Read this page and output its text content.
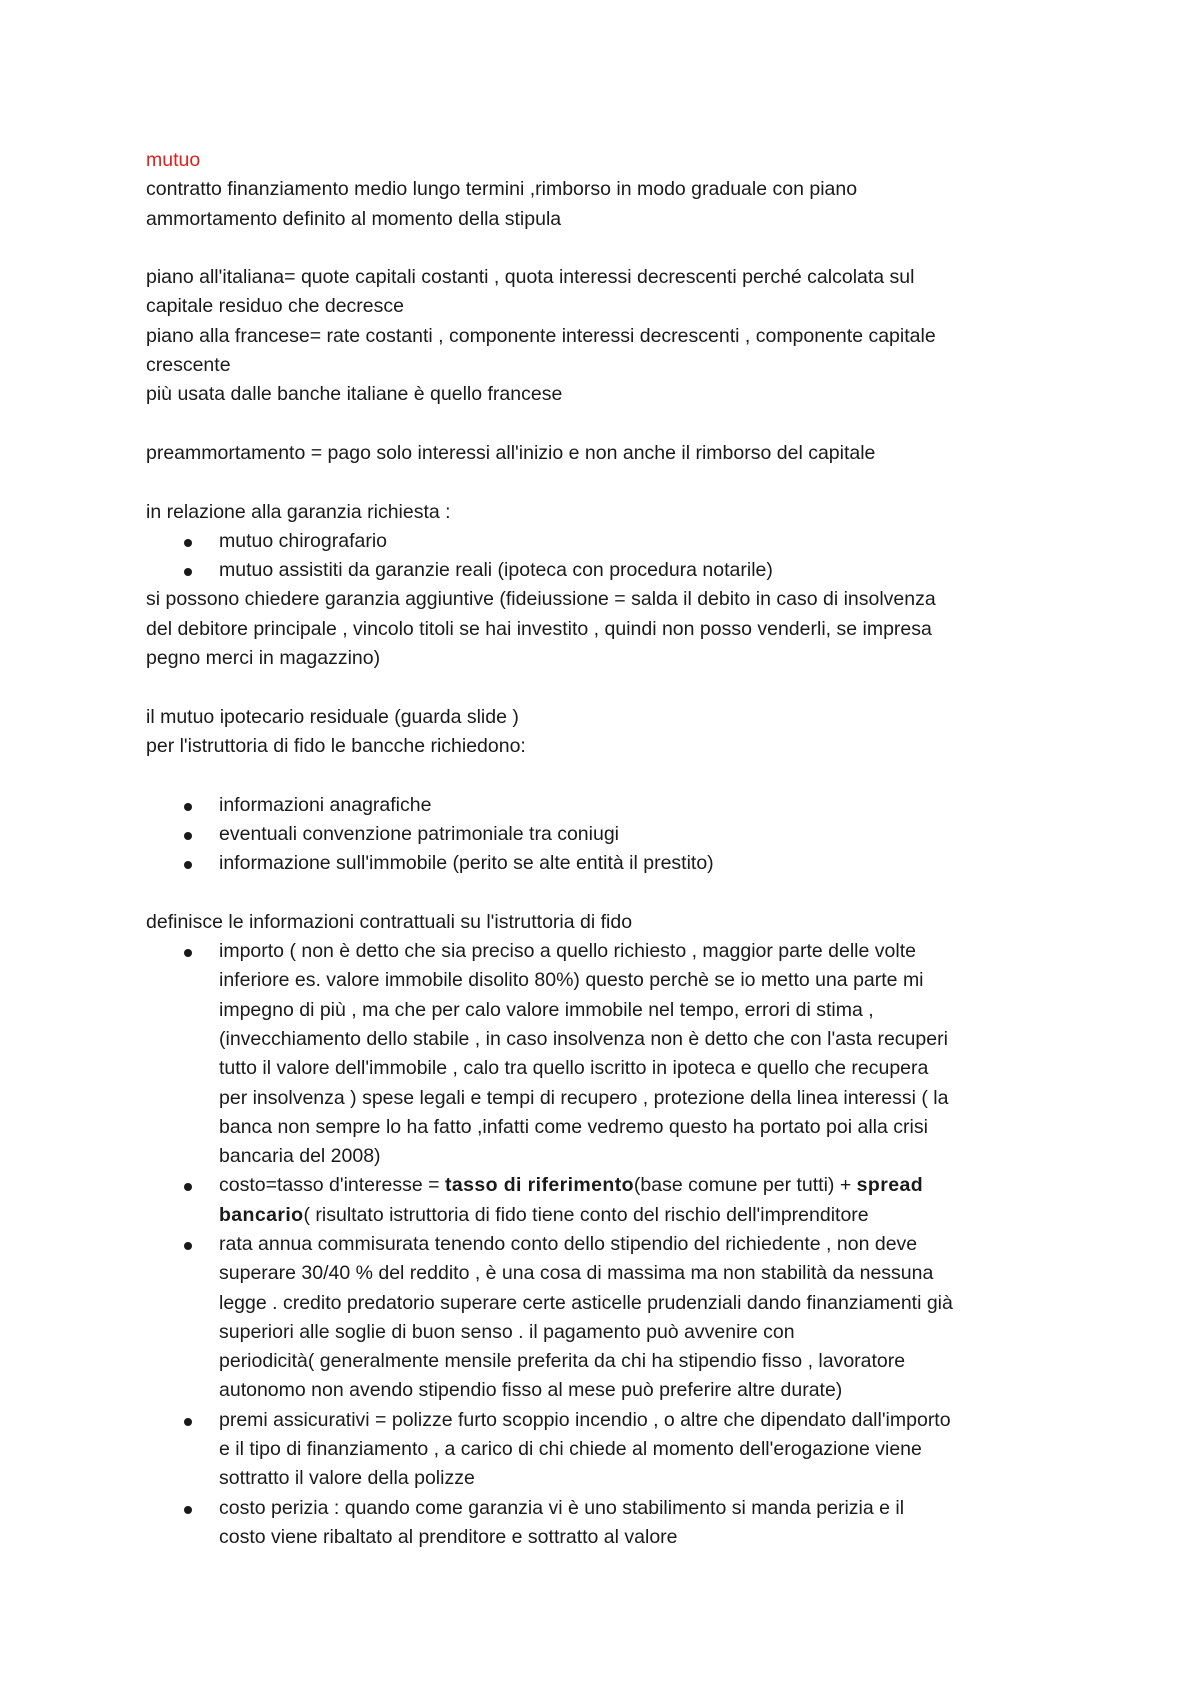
mutuo
contratto finanziamento medio lungo termini ,rimborso in modo graduale con piano
ammortamento definito al momento della stipula
piano all'italiana= quote capitali costanti , quota interessi decrescenti perché calcolata sul
capitale residuo che decresce
piano alla francese= rate costanti , componente interessi decrescenti , componente capitale
crescente
più usata dalle banche italiane è quello francese
preammortamento = pago solo interessi all'inizio e non anche il rimborso del capitale
in relazione alla garanzia richiesta :
mutuo chirografario
mutuo assistiti da garanzie reali (ipoteca con procedura notarile)
si possono chiedere garanzia aggiuntive (fideiussione = salda il debito in caso di insolvenza
del debitore principale , vincolo titoli se hai investito , quindi non posso venderli, se impresa
pegno merci in magazzino)
il mutuo ipotecario residuale (guarda slide )
per l'istruttoria di fido le bancche richiedono:
informazioni anagrafiche
eventuali convenzione patrimoniale tra coniugi
informazione sull'immobile (perito se alte entità il prestito)
definisce le informazioni contrattuali su l'istruttoria di fido
importo ( non è detto che sia preciso a quello richiesto , maggior parte delle volte
inferiore es. valore immobile disolito 80%) questo perchè se io metto una parte mi
impegno di più , ma che per calo valore immobile nel tempo, errori di stima ,
(invecchiamento dello stabile , in caso insolvenza non è detto che con l'asta recuperi
tutto il valore dell'immobile , calo tra quello iscritto in ipoteca e quello che recupera
per insolvenza ) spese legali e tempi di recupero , protezione della linea interessi ( la
banca non sempre lo ha fatto ,infatti come vedremo questo ha portato poi alla crisi
bancaria del 2008)
costo=tasso d'interesse = tasso di riferimento(base comune per tutti) + spread
bancario( risultato istruttoria di fido tiene conto del rischio dell'imprenditore
rata annua commisurata tenendo conto dello stipendio del richiedente , non deve
superare 30/40 % del reddito , è una cosa di massima ma non stabilità da nessuna
legge . credito predatorio superare certe asticelle prudenziali dando finanziamenti già
superiori alle soglie di buon senso . il pagamento può avvenire con
periodicità( generalmente mensile preferita da chi ha stipendio fisso , lavoratore
autonomo non avendo stipendio fisso al mese può preferire altre durate)
premi assicurativi = polizze furto scoppio incendio , o altre che dipendato dall'importo
e il tipo di finanziamento , a carico di chi chiede al momento dell'erogazione viene
sottratto il valore della polizze
costo perizia : quando come garanzia vi è uno stabilimento si manda perizia e il
costo viene ribaltato al prenditore e sottratto al valore
